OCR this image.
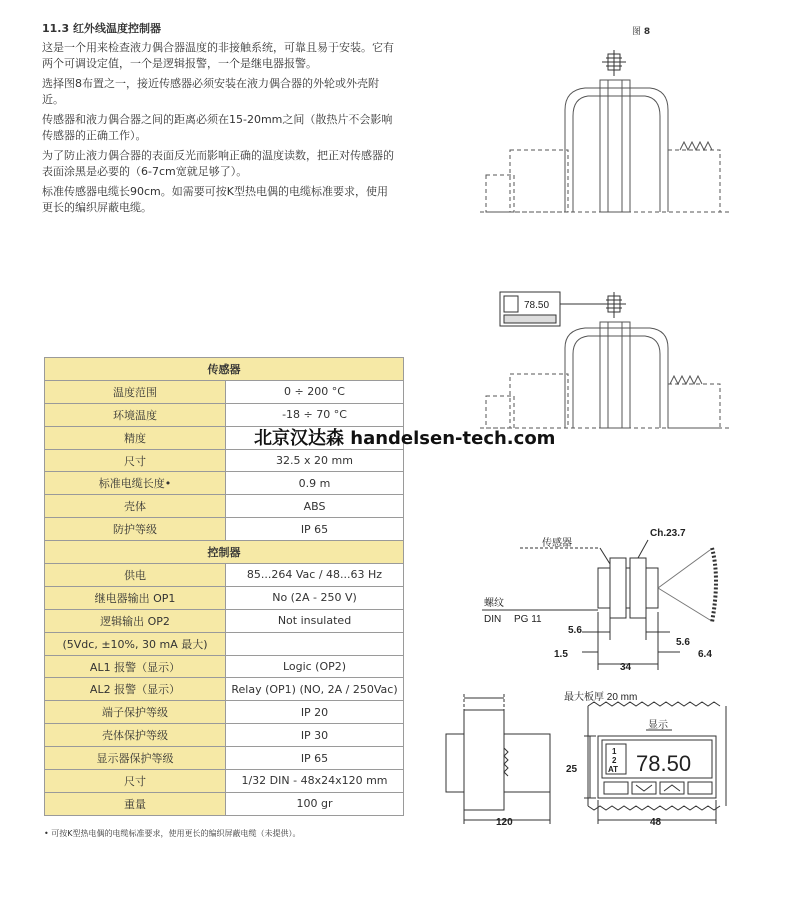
11.3 红外线温度控制器

这是一个用来检查液力偶合器温度的非接触系统，可靠且易于安装。它有两个可调设定值，一个是逻辑报警，一个是继电器报警。

选择图8布置之一，接近传感器必须安装在液力偶合器的外轮或外壳附近。

传感器和液力偶合器之间的距离必须在15-20mm之间（散热片不会影响传感器的正确工作）。

为了防止液力偶合器的表面反光而影响正确的温度读数，把正对传感器的表面涂黑是必要的（6-7cm宽就足够了）。

标准传感器电缆长90cm。如需要可按K型热电偶的电缆标准要求，使用更长的编织屏蔽电缆。

传感器	
温度范围	0 ÷ 200 °C
环境温度	-18 ÷ 70 °C
精度	
尺寸	32.5 x 20 mm
标准电缆长度•	0.9 m
壳体	ABS
防护等级	IP 65
控制器	
供电	85...264 Vac / 48...63 Hz
继电器输出 OP1	No (2A - 250 V)
逻辑输出 OP2	Not insulated
(5Vdc, ±10%, 30 mA 最大)	
AL1 报警（显示）	Logic (OP2)
AL2 报警（显示）	Relay (OP1) (NO, 2A / 250Vac)
端子保护等级	IP 20
壳体保护等级	IP 30
显示器保护等级	IP 65
尺寸	1/32 DIN - 48x24x120 mm
重量	100 gr
• 可按K型热电偶的电缆标准要求，使用更长的编织屏蔽电缆（未提供）。
图 8
78.50
传感器
Ch.23.7
螺纹
DIN PG 11
5.6
1.5
34
5.6
6.4
120
最大板厚 20 mm
显示
1
2
AT 78.50
25
48
北京汉达森 handelsen-tech.com
